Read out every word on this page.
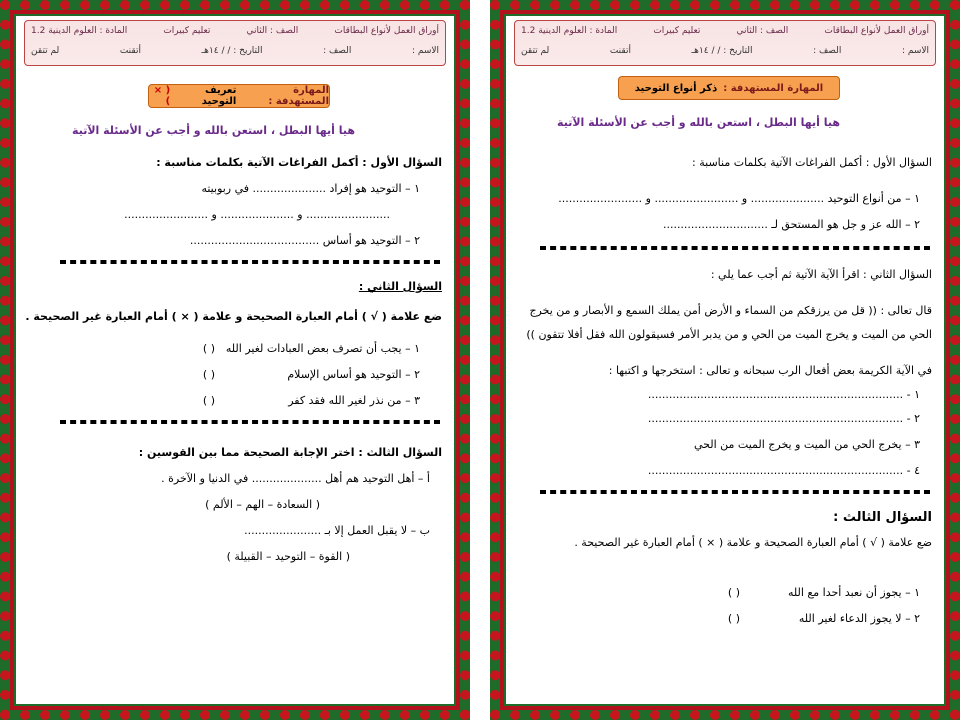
أوراق العمل لأنواع البطاقات
الصف : الثاني
تعليم كبيرات
المادة : العلوم الدينية 1.2
الاسم :
الصف :
التاريخ : / / ١٤هـ
أتقنت
لم تتقن
المهارة المستهدفة :
تعريف التوحيد
( × )
هيا أيها البطل ، استعن بالله و أجب عن الأسئلة الآتية
السؤال الأول : أكمل الفراغات الآتية بكلمات مناسبة :
١ – التوحيد هو إفراد ..................... في ربوبيته
........................ و ..................... و ........................
٢ – التوحيد هو أساس .....................................
السؤال الثاني :
ضع علامة ( √ ) أمام العبارة الصحيحة و علامة ( × ) أمام العبارة غير الصحيحة .
١ – يجب أن تصرف بعض العبادات لغير الله
( )
٢ – التوحيد هو أساس الإسلام
( )
٣ – من نذر لغير الله فقد كفر
( )
السؤال الثالث : اختر الإجابة الصحيحة مما بين القوسين :
أ – أهل التوحيد هم أهل .................... في الدنيا و الآخرة .
( السعادة – الهم – الألم )
ب – لا يقبل العمل إلا بـ ......................
( القوة – التوحيد – القبيلة )
أوراق العمل لأنواع البطاقات
الصف : الثاني
تعليم كبيرات
المادة : العلوم الدينية 1.2
الاسم :
الصف :
التاريخ : / / ١٤هـ
أتقنت
لم تتقن
المهارة المستهدفة :
ذكر أنواع التوحيد
هيا أيها البطل ، استعن بالله و أجب عن الأسئلة الآتية
السؤال الأول : أكمل الفراغات الآتية بكلمات مناسبة :
١ – من أنواع التوحيد ..................... و ........................ و ........................
٢ – الله عز و جل هو المستحق لـ ..............................
السؤال الثاني : اقرأ الآية الآتية ثم أجب عما يلي :
قال تعالى : (( قل من يرزقكم من السماء و الأرض أمن يملك السمع و الأبصار و من يخرج
الحي من الميت و يخرج الميت من الحي و من يدبر الأمر فسيقولون الله فقل أفلا تتقون ))
في الآية الكريمة بعض أفعال الرب سبحانه و تعالى : استخرجها و اكتبها :
١ - .........................................................................
٢ - .........................................................................
٣ – يخرج الحي من الميت و يخرج الميت من الحي
٤ - .........................................................................
السؤال الثالث :
ضع علامة ( √ ) أمام العبارة الصحيحة و علامة ( × ) أمام العبارة غير الصحيحة .
١ – يجوز أن نعبد أحدا مع الله
( )
٢ – لا يجوز الدعاء لغير الله
( )
